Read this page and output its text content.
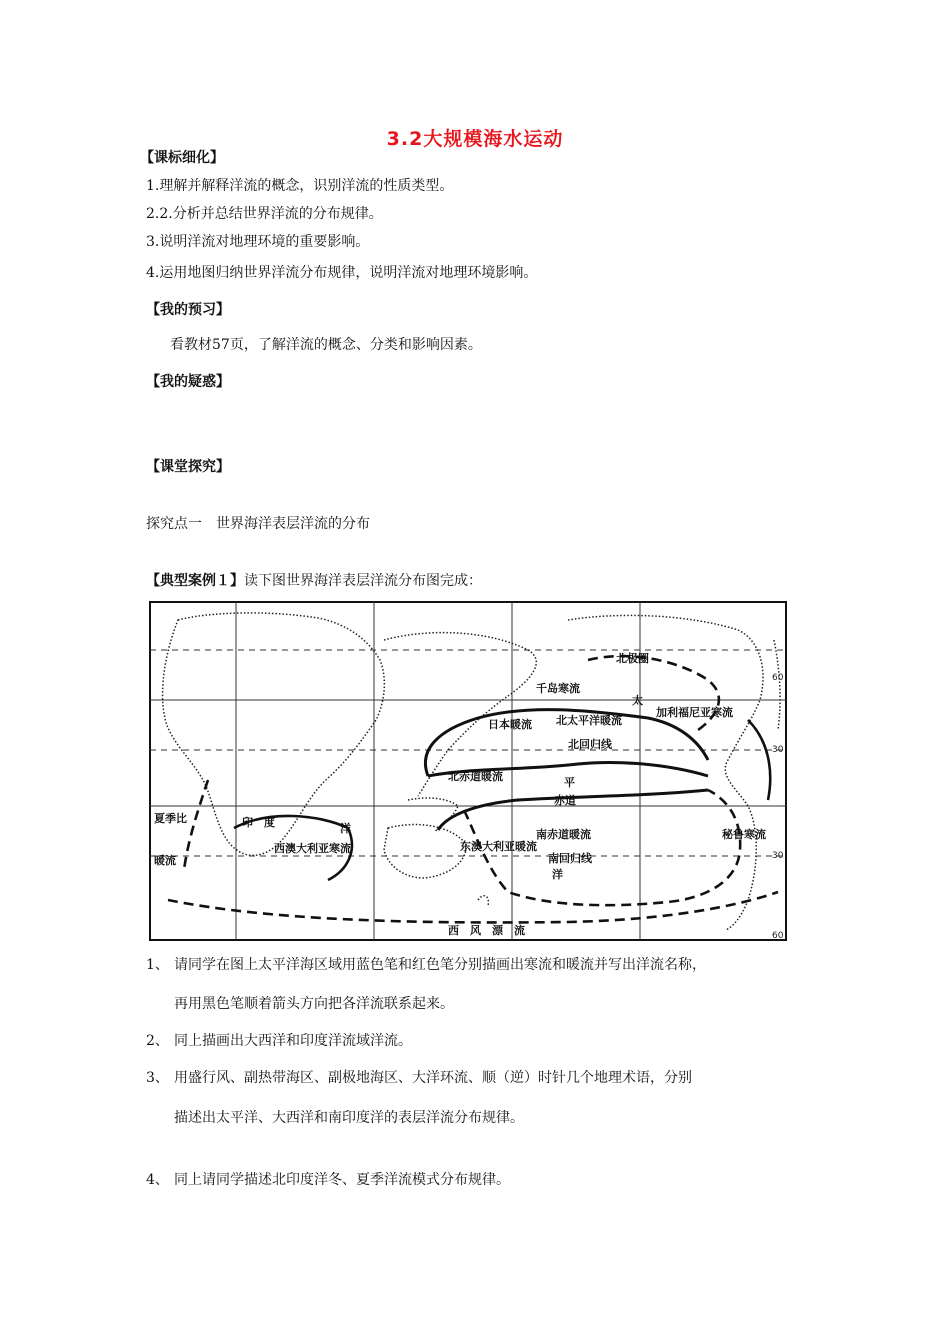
3.2大规模海水运动
【课标细化】
1.理解并解释洋流的概念，识别洋流的性质类型。
2.2.分析并总结世界洋流的分布规律。
3.说明洋流对地理环境的重要影响。
4.运用地图归纳世界洋流分布规律，说明洋流对地理环境影响。
【我的预习】
看教材57页，了解洋流的概念、分类和影响因素。
【我的疑惑】
【课堂探究】
探究点一　世界海洋表层洋流的分布
【典型案例１】读下图世界海洋表层洋流分布图完成：
北极圈
日本暖流
千岛寒流
北太平洋暖流
太
加利福尼亚寒流
北回归线
北赤道暖流	平
赤道
南赤道暖流
南回归线
洋
秘鲁寒流
西　风　漂　流
印　度	洋
夏季比
暖流
西澳大利亚寒流	东澳大利亚暖流
60
30
30
60
1、 请同学在图上太平洋海区域用蓝色笔和红色笔分别描画出寒流和暖流并写出洋流名称，
再用黑色笔顺着箭头方向把各洋流联系起来。
2、 同上描画出大西洋和印度洋流域洋流。
3、 用盛行风、副热带海区、副极地海区、大洋环流、顺（逆）时针几个地理术语，分别
描述出太平洋、大西洋和南印度洋的表层洋流分布规律。
4、 同上请同学描述北印度洋冬、夏季洋流模式分布规律。
